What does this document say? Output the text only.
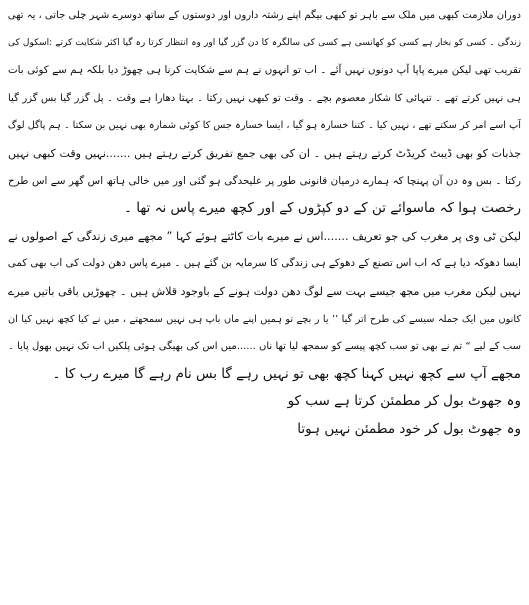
دوران ملازمت کبھی میں ملک سے باہر تو کبھی بیگم اپنے رشتہ داروں اور دوستوں کے ساتھ دوسرے شہر چلی جاتی ، یہ تھی
زندگی ۔ کسی کو بخار ہے کسی کو کھانسی ہے کسی کی سالگرہ کا دن گزر گیا اور وہ انتظار کرتا رہ گیا اکثر شکایت کرتے :اسکول کی
تقریب تھی لیکن میرے پاپا آپ دونوں نہیں آئے ۔ اب تو انہوں نے ہم سے شکایت کرنا ہی چھوڑ دیا بلکہ ہم سے کوئی بات
ہی نہیں کرتے تھے ۔ تنہائی کا شکار معصوم بچے ۔ وقت تو کبھی نہیں رکتا ۔ بہتا دھارا ہے وقت ۔ پل گزر گیا بس گزر گیا
آپ اسے امر کر سکتے تھے ، نہیں کیا ۔ کتنا خسارہ ہو گیا ، ایسا خسارہ جس کا کوئی شمارہ بھی نہیں بن سکتا ۔ ہم پاگل لوگ
جذبات کو بھی ڈیبٹ کریڈٹ کرتے رہتے ہیں ۔ ان کی بھی جمع تفریق کرتے رہتے ہیں .......نہیں وقت کبھی نہیں
رکتا ۔ بس وہ دن آن پہنچا کہ ہمارے درمیان قانونی طور پر علیحدگی ہو گئی اور میں خالی ہاتھ اس گھر سے اس طرح
رخصت ہوا کہ ماسوائے تن کے دو کپڑوں کے اور کچھ میرے پاس نہ تھا ۔
لیکن ٹی وی پر مغرب کی جو تعریف .......اس نے میرے بات کاٹتے ہوئے کہا ” مجھے میری زندگی کے اصولوں نے
ایسا دھوکہ دیا ہے کہ اب اس تصنع کے دھوکے ہی زندگی کا سرمایہ بن گئے ہیں ۔ میرے پاس دھن دولت کی اب بھی کمی
نہیں لیکن مغرب میں مجھ جیسے بہت سے لوگ دھن دولت ہونے کے باوجود قلاش ہیں ۔ چھوڑیں باقی باتیں میرے
کانوں میں ایک جملہ سیسے کی طرح اتر گیا ’’ یا ر بچے تو ہمیں اپنے ماں باپ ہی نہیں سمجھتے ، میں نے کیا کچھ نہیں کیا ان
سب کے لیے “ تم نے بھی تو سب کچھ پیسے کو سمجھ لیا تھا ناں ......میں اس کی بھیگی ہوئی پلکیں اب تک نہیں بھول پایا ۔
مجھے آپ سے کچھ نہیں کہنا کچھ بھی تو نہیں رہے گا بس نام رہے گا میرے رب کا ۔
وہ جھوٹ بول کر مطمئن کرتا ہے سب کو
وہ جھوٹ بول کر خود مطمئن نہیں ہوتا
